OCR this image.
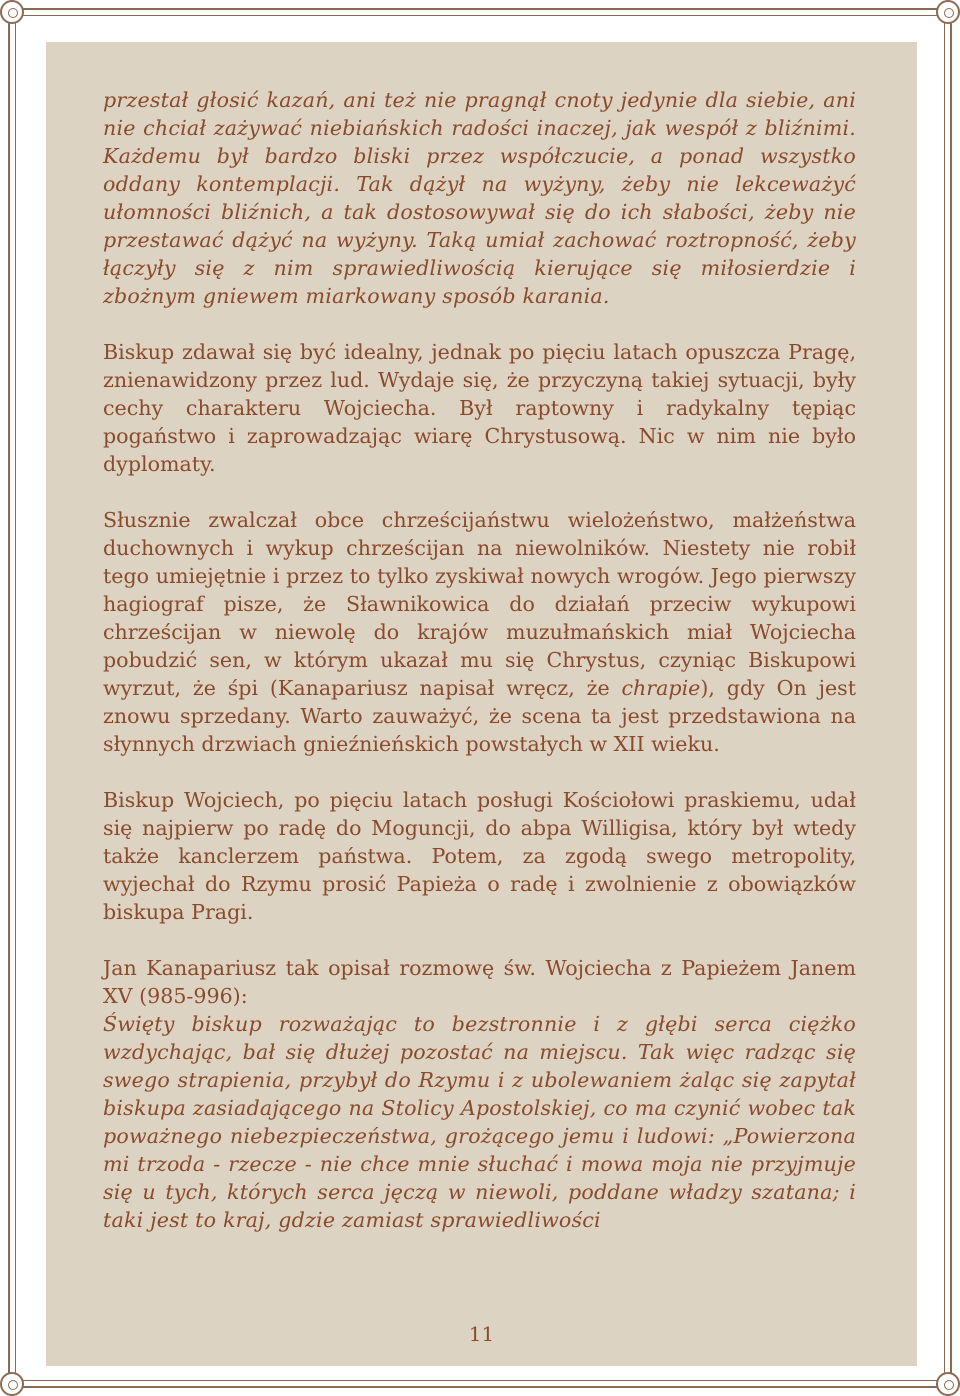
przestał głosić kazań, ani też nie pragnął cnoty jedynie dla siebie, ani nie chciał zażywać niebiańskich radości inaczej, jak wespół z bliźnimi. Każdemu był bardzo bliski przez współczucie, a ponad wszystko oddany kontemplacji. Tak dążył na wyżyny, żeby nie lekceważyć ułomności bliźnich, a tak dostosowywał się do ich słabości, żeby nie przestawać dążyć na wyżyny. Taką umiał zachować roztropność, żeby łączyły się z nim sprawiedliwością kierujące się miłosierdzie i zbożnym gniewem miarkowany sposób karania.

Biskup zdawał się być idealny, jednak po pięciu latach opuszcza Pragę, znienawidzony przez lud. Wydaje się, że przyczyną takiej sytuacji, były cechy charakteru Wojciecha. Był raptowny i radykalny tępiąc pogaństwo i zaprowadzając wiarę Chrystusową. Nic w nim nie było dyplomaty.

Słusznie zwalczał obce chrześcijaństwu wielożeństwo, małżeństwa duchownych i wykup chrześcijan na niewolników. Niestety nie robił tego umiejętnie i przez to tylko zyskiwał nowych wrogów. Jego pierwszy hagiograf pisze, że Sławnikowica do działań przeciw wykupowi chrześcijan w niewolę do krajów muzułmańskich miał Wojciecha pobudzić sen, w którym ukazał mu się Chrystus, czyniąc Biskupowi wyrzut, że śpi (Kanapariusz napisał wręcz, że chrapie), gdy On jest znowu sprzedany. Warto zauważyć, że scena ta jest przedstawiona na słynnych drzwiach gnieźnieńskich powstałych w XII wieku.

Biskup Wojciech, po pięciu latach posługi Kościołowi praskiemu, udał się najpierw po radę do Moguncji, do abpa Willigisa, który był wtedy także kanclerzem państwa. Potem, za zgodą swego metropolity, wyjechał do Rzymu prosić Papieża o radę i zwolnienie z obowiązków biskupa Pragi.

Jan Kanapariusz tak opisał rozmowę św. Wojciecha z Papieżem Janem XV (985-996):

Święty biskup rozważając to bezstronnie i z głębi serca ciężko wzdychając, bał się dłużej pozostać na miejscu. Tak więc radząc się swego strapienia, przybył do Rzymu i z ubolewaniem żaląc się zapytał biskupa zasiadającego na Stolicy Apostolskiej, co ma czynić wobec tak poważnego niebezpieczeństwa, grożącego jemu i ludowi: „Powierzona mi trzoda - rzecze - nie chce mnie słuchać i mowa moja nie przyjmuje się u tych, których serca jęczą w niewoli, poddane władzy szatana; i taki jest to kraj, gdzie zamiast sprawiedliwości

11
